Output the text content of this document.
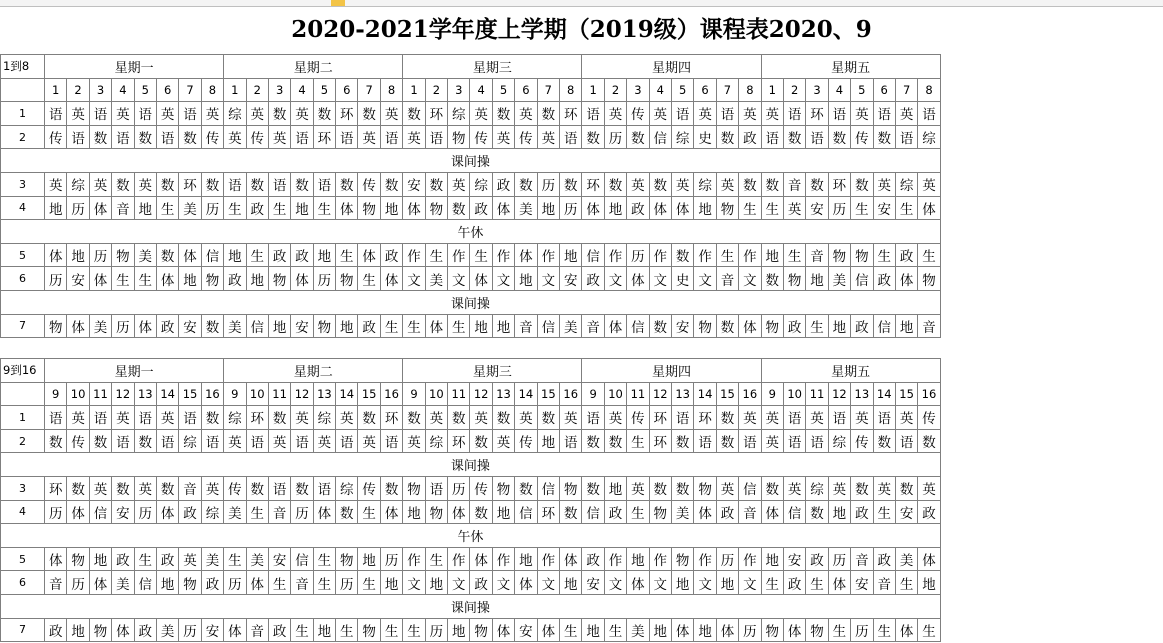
2020-2021学年度上学期（2019级）课程表2020、9
1到8	星期一								星期二								星期三								星期四								星期五							
	1	2	3	4	5	6	7	8	1	2	3	4	5	6	7	8	1	2	3	4	5	6	7	8	1	2	3	4	5	6	7	8	1	2	3	4	5	6	7	8
1	语	英	语	英	语	英	语	英	综	英	数	英	数	环	数	英	数	环	综	英	数	英	数	环	语	英	传	英	语	英	语	英	英	语	环	语	英	语	英	语
2	传	语	数	语	数	语	数	传	英	传	英	语	环	语	英	语	英	语	物	传	英	传	英	语	数	历	数	信	综	史	数	政	语	数	语	数	传	数	语	综
课间操																																								
3	英	综	英	数	英	数	环	数	语	数	语	数	语	数	传	数	安	数	英	综	政	数	历	数	环	数	英	数	英	综	英	数	数	音	数	环	数	英	综	英
4	地	历	体	音	地	生	美	历	生	政	生	地	生	体	物	地	体	物	数	政	体	美	地	历	体	地	政	体	体	地	物	生	生	英	安	历	生	安	生	体
午休																																								
5	体	地	历	物	美	数	体	信	地	生	政	政	地	生	体	政	作	生	作	生	作	体	作	地	信	作	历	作	数	作	生	作	地	生	音	物	物	生	政	生
6	历	安	体	生	生	体	地	物	政	地	物	体	历	物	生	体	文	美	文	体	文	地	文	安	政	文	体	文	史	文	音	文	数	物	地	美	信	政	体	物
课间操																																								
7	物	体	美	历	体	政	安	数	美	信	地	安	物	地	政	生	生	体	生	地	地	音	信	美	音	体	信	数	安	物	数	体	物	政	生	地	政	信	地	音
9到16	星期一								星期二								星期三								星期四								星期五							
	9	10	11	12	13	14	15	16	9	10	11	12	13	14	15	16	9	10	11	12	13	14	15	16	9	10	11	12	13	14	15	16	9	10	11	12	13	14	15	16
1	语	英	语	英	语	英	语	数	综	环	数	英	综	英	数	环	数	英	数	英	数	英	数	英	语	英	传	环	语	环	数	英	英	语	英	语	英	语	英	传
2	数	传	数	语	数	语	综	语	英	语	英	语	英	语	英	语	英	综	环	数	英	传	地	语	数	数	生	环	数	语	数	语	英	语	语	综	传	数	语	数
课间操																																								
3	环	数	英	数	英	数	音	英	传	数	语	数	语	综	传	数	物	语	历	传	物	数	信	物	数	地	英	数	数	物	英	信	数	英	综	英	数	英	数	英
4	历	体	信	安	历	体	政	综	美	生	音	历	体	数	生	体	地	物	体	数	地	信	环	数	信	政	生	物	美	体	政	音	体	信	数	地	政	生	安	政
午休																																								
5	体	物	地	政	生	政	英	美	生	美	安	信	生	物	地	历	作	生	作	体	作	地	作	体	政	作	地	作	物	作	历	作	地	安	政	历	音	政	美	体
6	音	历	体	美	信	地	物	政	历	体	生	音	生	历	生	地	文	地	文	政	文	体	文	地	安	文	体	文	地	文	地	文	生	政	生	体	安	音	生	地
课间操																																								
7	政	地	物	体	政	美	历	安	体	音	政	生	地	生	物	生	生	历	地	物	体	安	体	生	地	生	美	地	体	地	体	历	物	体	物	生	历	生	体	生
